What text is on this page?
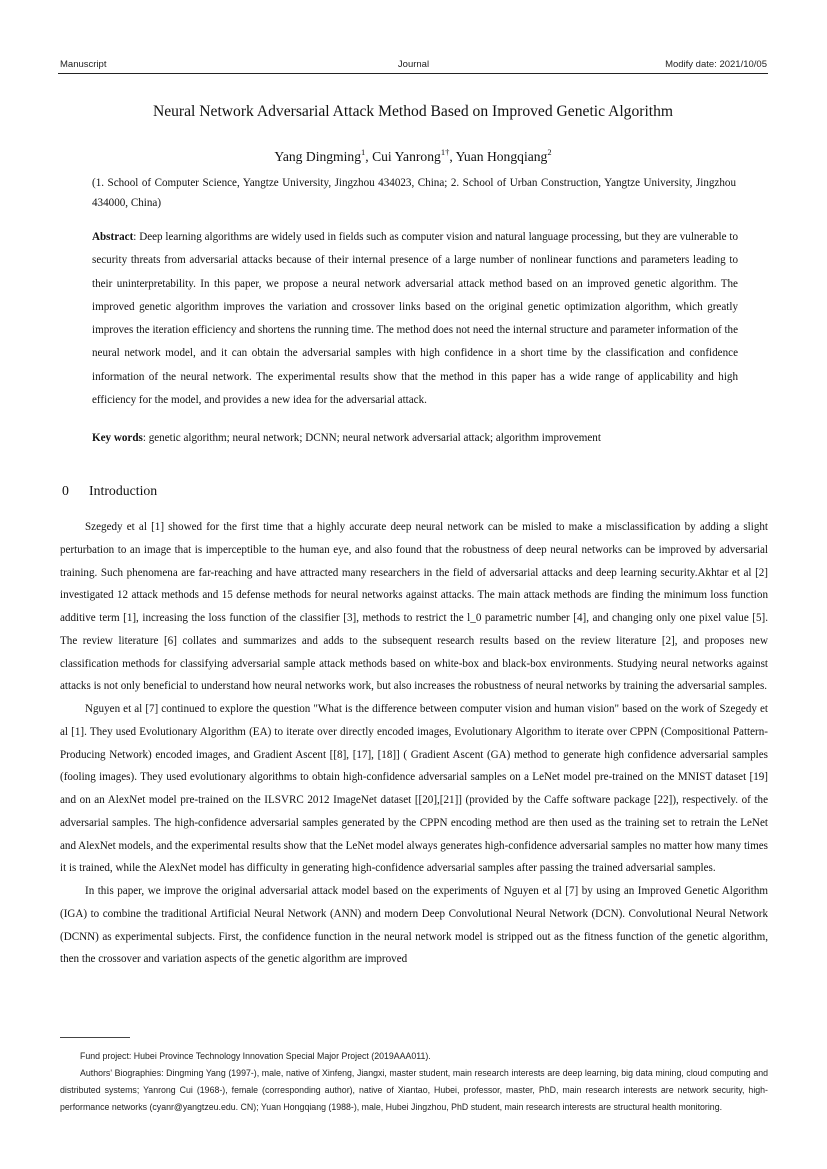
Manuscript	Journal	Modify date: 2021/10/05
Neural Network Adversarial Attack Method Based on Improved Genetic Algorithm
Yang Dingming$^1$, Cui Yanrong$^{1\dagger}$, Yuan Hongqiang$^2$
(1. School of Computer Science, Yangtze University, Jingzhou 434023, China; 2. School of Urban Construction, Yangtze University, Jingzhou 434000, China)
Abstract: Deep learning algorithms are widely used in fields such as computer vision and natural language processing, but they are vulnerable to security threats from adversarial attacks because of their internal presence of a large number of nonlinear functions and parameters leading to their uninterpretability. In this paper, we propose a neural network adversarial attack method based on an improved genetic algorithm. The improved genetic algorithm improves the variation and crossover links based on the original genetic optimization algorithm, which greatly improves the iteration efficiency and shortens the running time. The method does not need the internal structure and parameter information of the neural network model, and it can obtain the adversarial samples with high confidence in a short time by the classification and confidence information of the neural network. The experimental results show that the method in this paper has a wide range of applicability and high efficiency for the model, and provides a new idea for the adversarial attack.
Key words: genetic algorithm; neural network; DCNN; neural network adversarial attack; algorithm improvement
0 Introduction

Szegedy et al [1] showed for the first time that a highly accurate deep neural network can be misled to make a misclassification by adding a slight perturbation to an image that is imperceptible to the human eye, and also found that the robustness of deep neural networks can be improved by adversarial training. Such phenomena are far-reaching and have attracted many researchers in the field of adversarial attacks and deep learning security.Akhtar et al [2] investigated 12 attack methods and 15 defense methods for neural networks against attacks. The main attack methods are finding the minimum loss function additive term [1], increasing the loss function of the classifier [3], methods to restrict the l_0 parametric number [4], and changing only one pixel value [5]. The review literature [6] collates and summarizes and adds to the subsequent research results based on the review literature [2], and proposes new classification methods for classifying adversarial sample attack methods based on white-box and black-box environments. Studying neural networks against attacks is not only beneficial to understand how neural networks work, but also increases the robustness of neural networks by training the adversarial samples.

Nguyen et al [7] continued to explore the question "What is the difference between computer vision and human vision" based on the work of Szegedy et al [1]. They used Evolutionary Algorithm (EA) to iterate over directly encoded images, Evolutionary Algorithm to iterate over CPPN (Compositional Pattern-Producing Network) encoded images, and Gradient Ascent [[8], [17], [18]] ( Gradient Ascent (GA) method to generate high confidence adversarial samples (fooling images). They used evolutionary algorithms to obtain high-confidence adversarial samples on a LeNet model pre-trained on the MNIST dataset [19] and on an AlexNet model pre-trained on the ILSVRC 2012 ImageNet dataset [[20],[21]] (provided by the Caffe software package [22]), respectively. of the adversarial samples. The high-confidence adversarial samples generated by the CPPN encoding method are then used as the training set to retrain the LeNet and AlexNet models, and the experimental results show that the LeNet model always generates high-confidence adversarial samples no matter how many times it is trained, while the AlexNet model has difficulty in generating high-confidence adversarial samples after passing the trained adversarial samples.

In this paper, we improve the original adversarial attack model based on the experiments of Nguyen et al [7] by using an Improved Genetic Algorithm (IGA) to combine the traditional Artificial Neural Network (ANN) and modern Deep Convolutional Neural Network (DCN). Convolutional Neural Network (DCNN) as experimental subjects. First, the confidence function in the neural network model is stripped out as the fitness function of the genetic algorithm, then the crossover and variation aspects of the genetic algorithm are improved

Fund project: Hubei Province Technology Innovation Special Major Project (2019AAA011).

Authors' Biographies: Dingming Yang (1997-), male, native of Xinfeng, Jiangxi, master student, main research interests are deep learning, big data mining, cloud computing and distributed systems; Yanrong Cui (1968-), female (corresponding author), native of Xiantao, Hubei, professor, master, PhD, main research interests are network security, high-performance networks (cyanr@yangtzeu.edu. CN); Yuan Hongqiang (1988-), male, Hubei Jingzhou, PhD student, main research interests are structural health monitoring.
